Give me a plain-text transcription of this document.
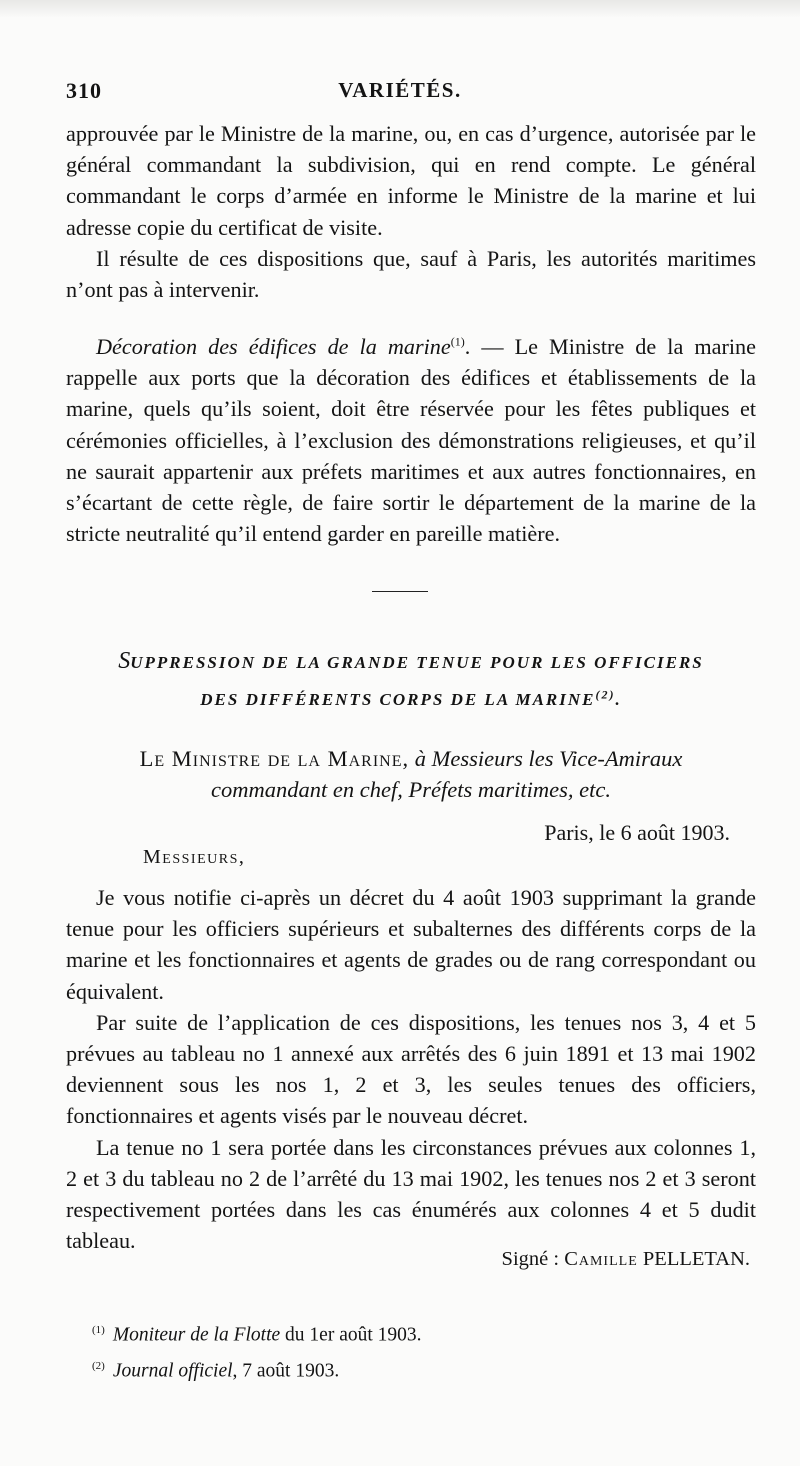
310	VARIÉTÉS.

approuvée par le Ministre de la marine, ou, en cas d’urgence, autorisée par le général commandant la subdivision, qui en rend compte. Le général commandant le corps d’armée en informe le Ministre de la marine et lui adresse copie du certificat de visite.

Il résulte de ces dispositions que, sauf à Paris, les autorités maritimes n’ont pas à intervenir.

Décoration des édifices de la marine$^{(1)}$. — Le Ministre de la marine rappelle aux ports que la décoration des édifices et établissements de la marine, quels qu’ils soient, doit être réservée pour les fêtes publiques et cérémonies officielles, à l’exclusion des démonstrations religieuses, et qu’il ne saurait appartenir aux préfets maritimes et aux autres fonctionnaires, en s’écartant de cette règle, de faire sortir le département de la marine de la stricte neutralité qu’il entend garder en pareille matière.

SUPPRESSION DE LA GRANDE TENUE POUR LES OFFICIERS
DES DIFFÉRENTS CORPS DE LA MARINE$^{(2)}$.
Le Ministre de la Marine, à Messieurs les Vice-Amiraux
commandant en chef, Préfets maritimes, etc.
Paris, le 6 août 1903.
Messieurs,

Je vous notifie ci-après un décret du 4 août 1903 supprimant la grande tenue pour les officiers supérieurs et subalternes des différents corps de la marine et les fonctionnaires et agents de grades ou de rang correspondant ou équivalent.

Par suite de l’application de ces dispositions, les tenues nos 3, 4 et 5 prévues au tableau no 1 annexé aux arrêtés des 6 juin 1891 et 13 mai 1902 deviennent sous les nos 1, 2 et 3, les seules tenues des officiers, fonctionnaires et agents visés par le nouveau décret.

La tenue no 1 sera portée dans les circonstances prévues aux colonnes 1, 2 et 3 du tableau no 2 de l’arrêté du 13 mai 1902, les tenues nos 2 et 3 seront respectivement portées dans les cas énumérés aux colonnes 4 et 5 dudit tableau.

Signé : Camille PELLETAN.
$^{(1)}$ Moniteur de la Flotte du 1er août 1903.
$^{(2)}$ Journal officiel, 7 août 1903.
